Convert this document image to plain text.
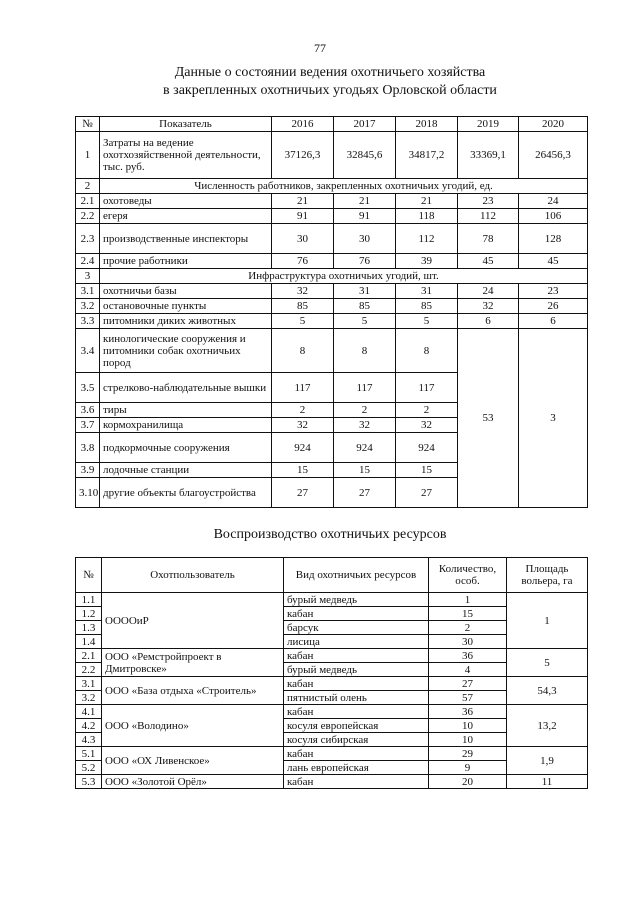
77
Данные о состоянии ведения охотничьего хозяйства
в закрепленных охотничьих угодьях Орловской области
№	Показатель	2016	2017	2018	2019	2020
1	Затраты на ведение охотхозяйственной деятельности, тыс. руб.	37126,3	32845,6	34817,2	33369,1	26456,3
2	Численность работников, закрепленных охотничьих угодий, ед.					
2.1	охотоведы	21	21	21	23	24
2.2	егеря	91	91	118	112	106
2.3	производственные инспекторы	30	30	112	78	128
2.4	прочие работники	76	76	39	45	45
3	Инфраструктура охотничьих угодий, шт.					
3.1	охотничьи базы	32	31	31	24	23
3.2	остановочные пункты	85	85	85	32	26
3.3	питомники диких животных	5	5	5	6	6
3.4	кинологические сооружения и питомники собак охотничьих пород	8	8	8	53	3
3.5	стрелково-наблюдательные вышки	117	117	117		
3.6	тиры	2	2	2		
3.7	кормохранилища	32	32	32		
3.8	подкормочные сооружения	924	924	924		
3.9	лодочные станции	15	15	15		
3.10	другие объекты благоустройства	27	27	27		
Воспроизводство охотничьих ресурсов
№	Охотпользователь	Вид охотничьих ресурсов	Количество, особ.	Площадь вольера, га
1.1	ООООиР	бурый медведь	1	1
1.2		кабан	15	
1.3		барсук	2	
1.4		лисица	30	
2.1	ООО «Ремстройпроект в Дмитровске»	кабан	36	5
2.2		бурый медведь	4	
3.1	ООО «База отдыха «Строитель»	кабан	27	54,3
3.2		пятнистый олень	57	
4.1	ООО «Володино»	кабан	36	13,2
4.2		косуля европейская	10	
4.3		косуля сибирская	10	
5.1	ООО «ОХ Ливенское»	кабан	29	1,9
5.2		лань европейская	9	
5.3	ООО «Золотой Орёл»	кабан	20	11
